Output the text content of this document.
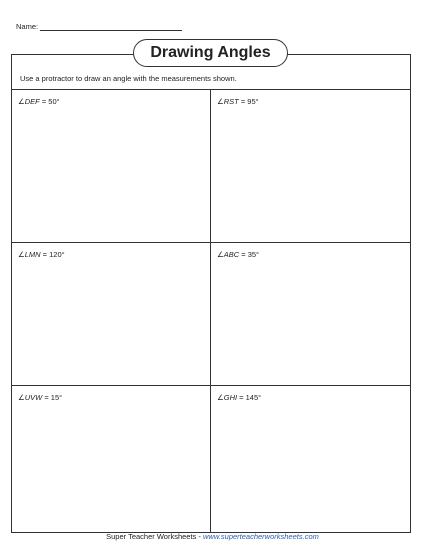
Name:
Drawing Angles
Use a protractor to draw an angle with the measurements shown.
∠DEF = 50°	∠RST = 95°
∠LMN = 120°	∠ABC = 35°
∠UVW = 15°	∠GHI = 145°
Super Teacher Worksheets - www.superteacherworksheets.com
